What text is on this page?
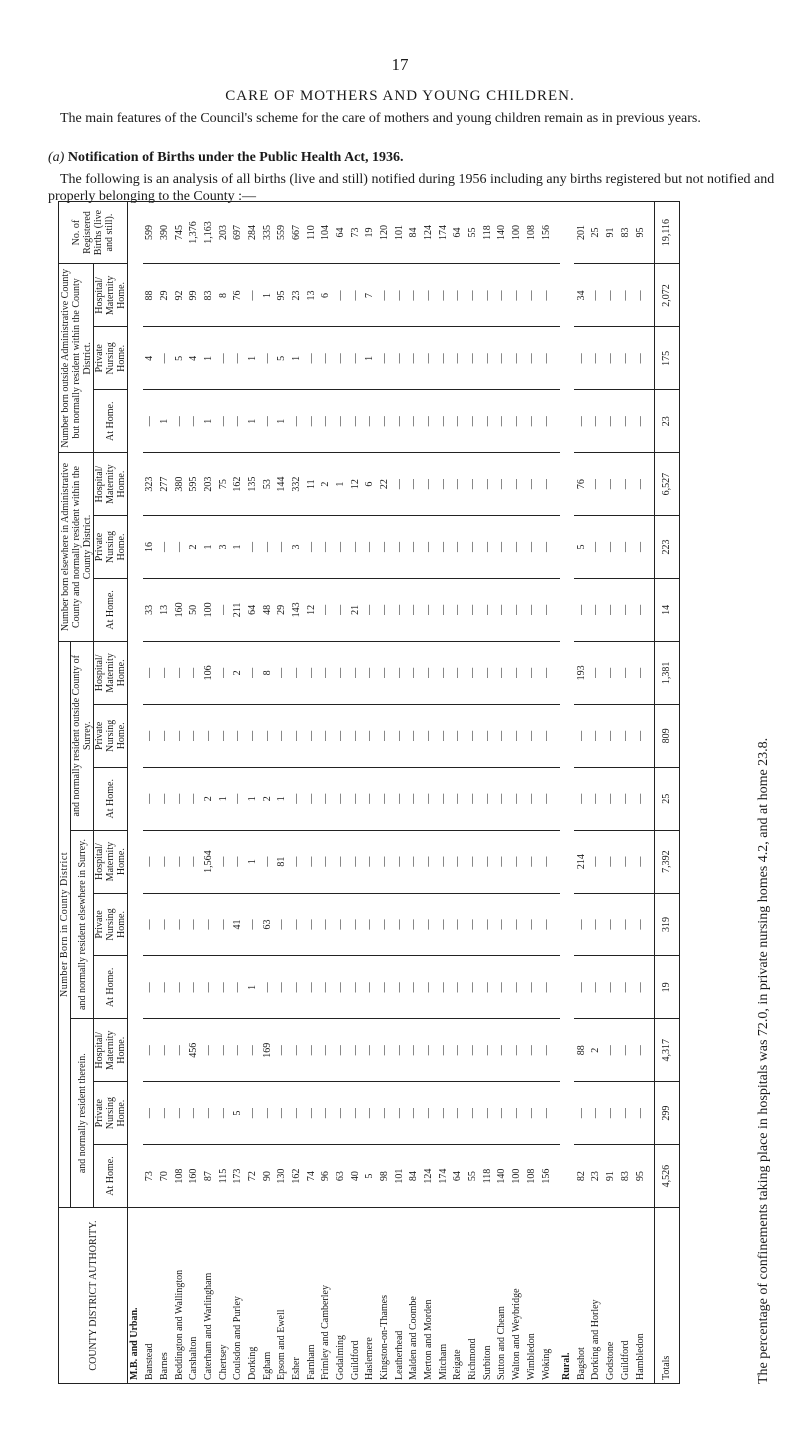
17
CARE OF MOTHERS AND YOUNG CHILDREN.

The main features of the Council's scheme for the care of mothers and young children remain as in previous years.

(a) Notification of Births under the Public Health Act, 1936.

The following is an analysis of all births (live and still) notified during 1956 including any births registered but not notified and properly belonging to the County :—

COUNTY DISTRICT AUTHORITY.	Number Born in County District									Number born elsewhere in Administrative County and normally resident within the County District.			Number born outside Administrative County but normally resident within the County District.			No. of Registered Births (live and still).
	and normally resident therein.			and normally resident elsewhere in Surrey.			and normally resident outside County of Surrey.									
	At Home.	Private Nursing Home.	Hospital/ Maternity Home.	At Home.	Private Nursing Home.	Hospital/ Maternity Home.	At Home.	Private Nursing Home.	Hospital/ Maternity Home.	At Home.	Private Nursing Home.	Hospital/ Maternity Home.	At Home.	Private Nursing Home.	Hospital/ Maternity Home.	
M.B. and Urban.																
Banstead	73	—	—	—	—	—	—	—	—	33	16	323	—	4	88	599
Barnes	70	—	—	—	—	—	—	—	—	13	—	277	1	—	29	390
Beddington and Wallington	108	—	—	—	—	—	—	—	—	160	—	380	—	5	92	745
Carshalton	160	—	456	—	—	—	—	—	—	50	2	595	—	4	99	1,376
Caterham and Warlingham	87	—	—	—	—	1,564	2	—	106	100	1	203	1	1	83	1,163
Chertsey	115	—	—	—	—	—	1	—	—	—	3	75	—	—	8	203
Coulsdon and Purley	173	5	—	—	41	—	—	—	2	211	1	162	—	—	76	697
Dorking	72	—	—	1	—	1	1	—	—	64	—	135	1	1	—	284
Egham	90	—	169	—	63	—	2	—	8	48	—	53	—	—	1	335
Epsom and Ewell	130	—	—	—	—	81	1	—	—	29	—	144	1	5	95	559
Esher	162	—	—	—	—	—	—	—	—	143	3	332	—	1	23	667
Farnham	74	—	—	—	—	—	—	—	—	12	—	11	—	—	13	110
Frimley and Camberley	96	—	—	—	—	—	—	—	—	—	—	2	—	—	6	104
Godalming	63	—	—	—	—	—	—	—	—	—	—	1	—	—	—	64
Guildford	40	—	—	—	—	—	—	—	—	21	—	12	—	—	—	73
Haslemere	5	—	—	—	—	—	—	—	—	—	—	6	—	1	7	19
Kingston-on-Thames	98	—	—	—	—	—	—	—	—	—	—	22	—	—	—	120
Leatherhead	101	—	—	—	—	—	—	—	—	—	—	—	—	—	—	101
Malden and Coombe	84	—	—	—	—	—	—	—	—	—	—	—	—	—	—	84
Merton and Morden	124	—	—	—	—	—	—	—	—	—	—	—	—	—	—	124
Mitcham	174	—	—	—	—	—	—	—	—	—	—	—	—	—	—	174
Reigate	64	—	—	—	—	—	—	—	—	—	—	—	—	—	—	64
Richmond	55	—	—	—	—	—	—	—	—	—	—	—	—	—	—	55
Surbiton	118	—	—	—	—	—	—	—	—	—	—	—	—	—	—	118
Sutton and Cheam	140	—	—	—	—	—	—	—	—	—	—	—	—	—	—	140
Walton and Weybridge	100	—	—	—	—	—	—	—	—	—	—	—	—	—	—	100
Wimbledon	108	—	—	—	—	—	—	—	—	—	—	—	—	—	—	108
Woking	156	—	—	—	—	—	—	—	—	—	—	—	—	—	—	156
Rural.																
Bagshot	82	—	88	—	—	214	—	—	193	—	5	76	—	—	34	201
Dorking and Horley	23	—	2	—	—	—	—	—	—	—	—	—	—	—	—	25
Godstone	91	—	—	—	—	—	—	—	—	—	—	—	—	—	—	91
Guildford	83	—	—	—	—	—	—	—	—	—	—	—	—	—	—	83
Hambledon	95	—	—	—	—	—	—	—	—	—	—	—	—	—	—	95
Totals	4,526	299	4,317	19	319	7,392	25	809	1,381	14	223	6,527	23	175	2,072	19,116
The percentage of confinements taking place in hospitals was 72.0, in private nursing homes 4.2, and at home 23.8.
